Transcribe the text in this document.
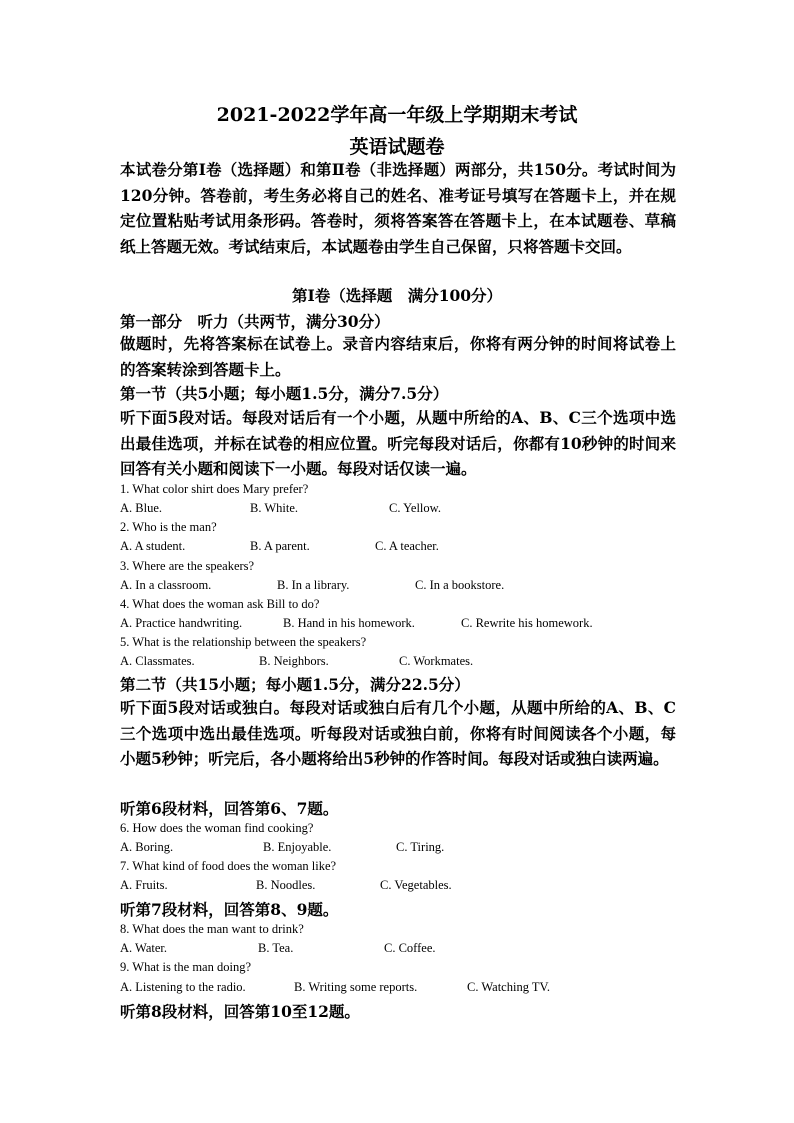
2021-2022学年高一年级上学期期末考试
英语试题卷

本试卷分第Ⅰ卷（选择题）和第Ⅱ卷（非选择题）两部分，共150分。考试时间为120分钟。答卷前，考生务必将自己的姓名、准考证号填写在答题卡上，并在规定位置粘贴考试用条形码。答卷时，须将答案答在答题卡上，在本试题卷、草稿纸上答题无效。考试结束后，本试题卷由学生自己保留，只将答题卡交回。

第Ⅰ卷（选择题　满分100分）
第一部分　听力（共两节，满分30分）

做题时，先将答案标在试卷上。录音内容结束后，你将有两分钟的时间将试卷上的答案转涂到答题卡上。

第一节（共5小题；每小题1.5分，满分7.5分）

听下面5段对话。每段对话后有一个小题，从题中所给的A、B、C三个选项中选出最佳选项，并标在试卷的相应位置。听完每段对话后，你都有10秒钟的时间来回答有关小题和阅读下一小题。每段对话仅读一遍。

1. What color shirt does Mary prefer?
A. Blue.	B. White.	C. Yellow.
2. Who is the man?
A. A student.	B. A parent.	C. A teacher.
3. Where are the speakers?
A. In a classroom.	B. In a library.	C. In a bookstore.
4. What does the woman ask Bill to do?
A. Practice handwriting.	B. Hand in his homework.	C. Rewrite his homework.
5. What is the relationship between the speakers?
A. Classmates.	B. Neighbors.	C. Workmates.
第二节（共15小题；每小题1.5分，满分22.5分）

听下面5段对话或独白。每段对话或独白后有几个小题，从题中所给的A、B、C三个选项中选出最佳选项。听每段对话或独白前，你将有时间阅读各个小题，每小题5秒钟；听完后，各小题将给出5秒钟的作答时间。每段对话或独白读两遍。

听第6段材料，回答第6、7题。
6. How does the woman find cooking?
A. Boring.	B. Enjoyable.	C. Tiring.
7. What kind of food does the woman like?
A. Fruits.	B. Noodles.	C. Vegetables.
听第7段材料，回答第8、9题。
8. What does the man want to drink?
A. Water.	B. Tea.	C. Coffee.
9. What is the man doing?
A. Listening to the radio.	B. Writing some reports.	C. Watching TV.
听第8段材料，回答第10至12题。
